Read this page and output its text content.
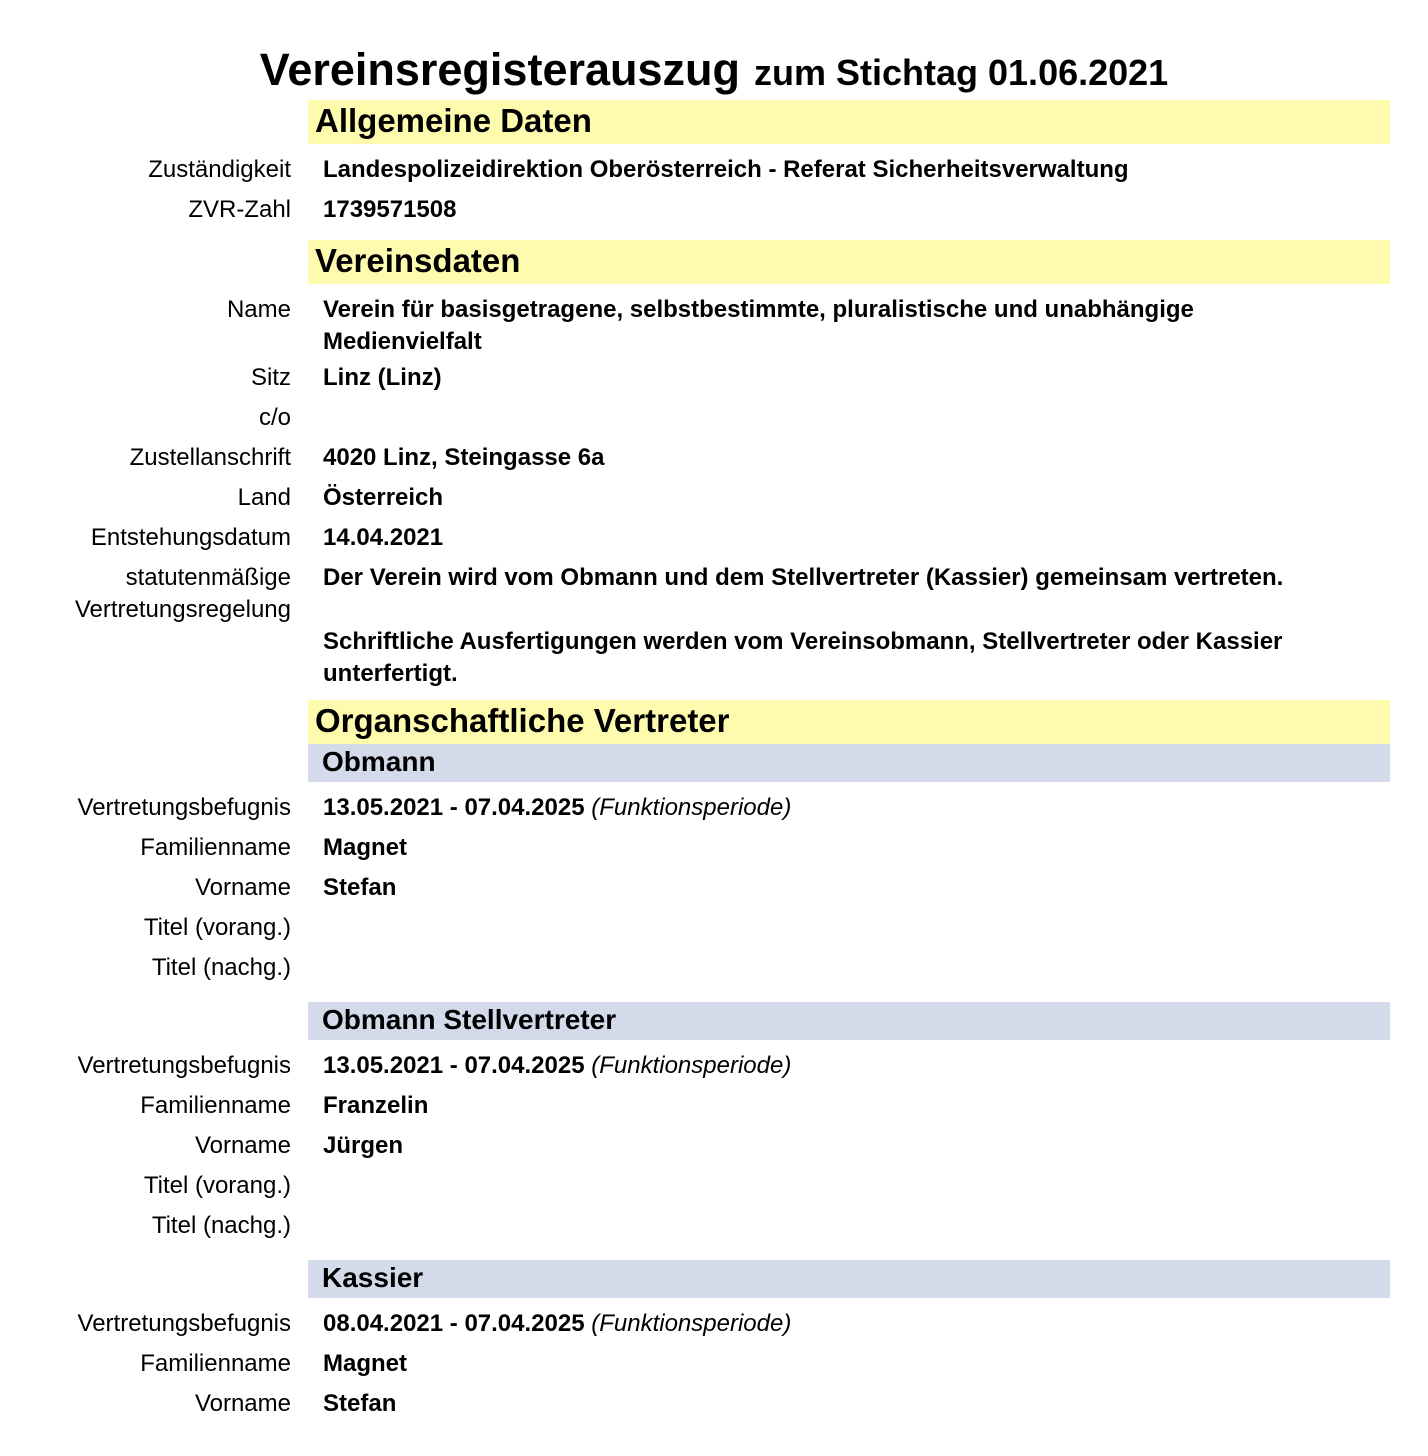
Vereinsregisterauszug zum Stichtag 01.06.2021
Allgemeine Daten
Zuständigkeit Landespolizeidirektion Oberösterreich - Referat Sicherheitsverwaltung
ZVR-Zahl 1739571508
Vereinsdaten
Name Verein für basisgetragene, selbstbestimmte, pluralistische und unabhängige Medienvielfalt
Sitz Linz (Linz)
c/o
Zustellanschrift 4020 Linz, Steingasse 6a
Land Österreich
Entstehungsdatum 14.04.2021
statutenmäßige
Vertretungsregelung
Der Verein wird vom Obmann und dem Stellvertreter (Kassier) gemeinsam vertreten.

Schriftliche Ausfertigungen werden vom Vereinsobmann, Stellvertreter oder Kassier unterfertigt.
Organschaftliche Vertreter
Obmann
Vertretungsbefugnis 13.05.2021 - 07.04.2025 (Funktionsperiode)
Familienname Magnet
Vorname Stefan
Titel (vorang.)
Titel (nachg.)
Obmann Stellvertreter
Vertretungsbefugnis 13.05.2021 - 07.04.2025 (Funktionsperiode)
Familienname Franzelin
Vorname Jürgen
Titel (vorang.)
Titel (nachg.)
Kassier
Vertretungsbefugnis 08.04.2021 - 07.04.2025 (Funktionsperiode)
Familienname Magnet
Vorname Stefan
